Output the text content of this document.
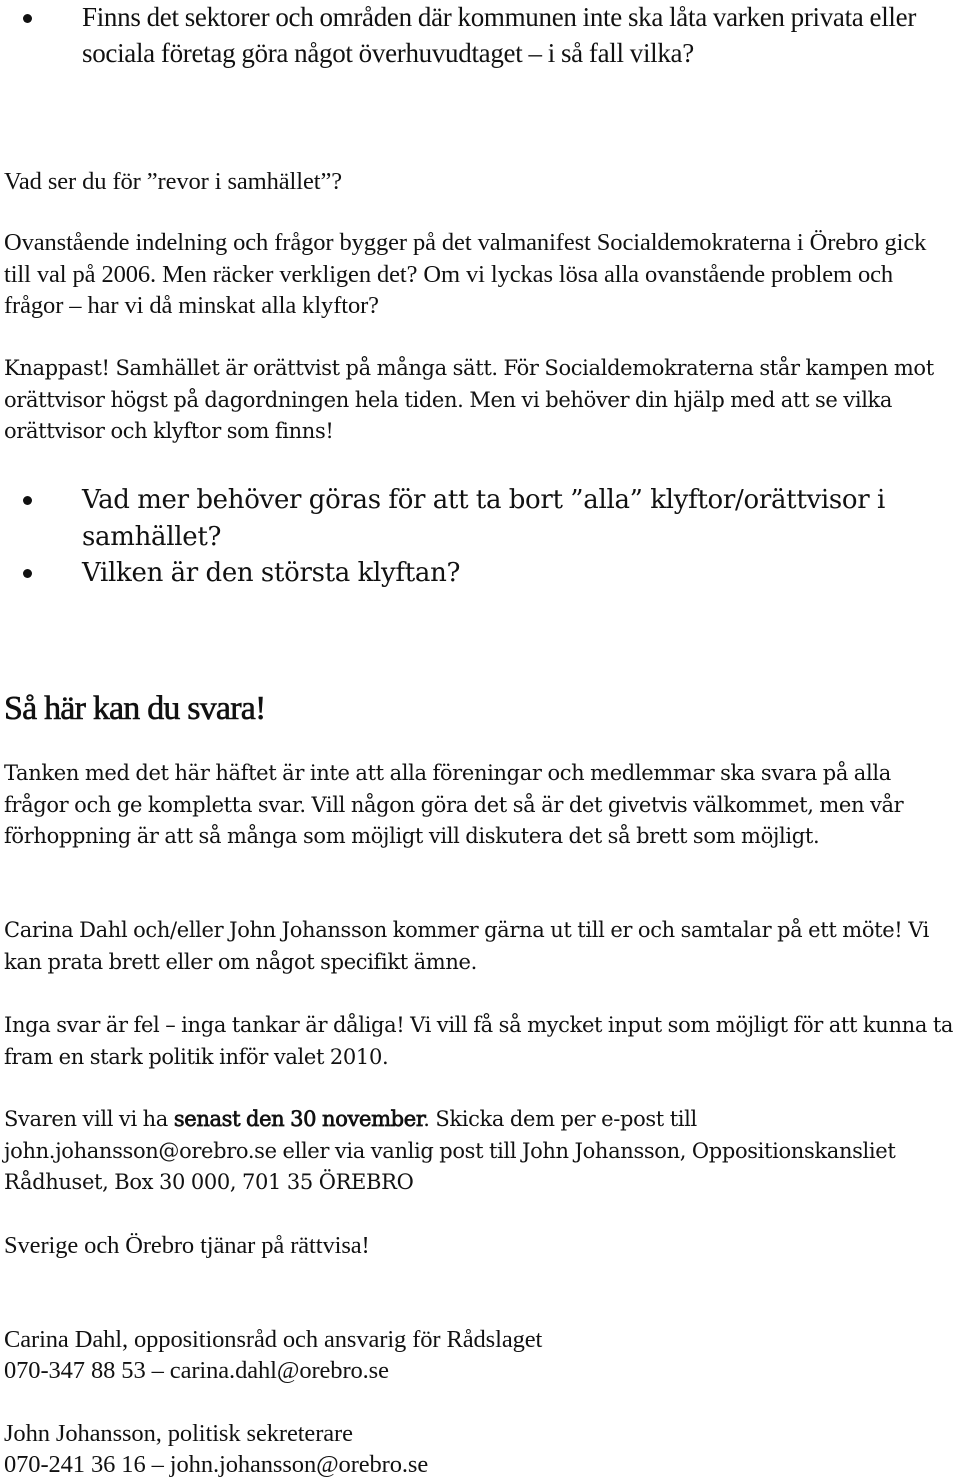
Finns det sektorer och områden där kommunen inte ska låta varken privata eller sociala företag göra något överhuvudtaget – i så fall vilka?

Vad ser du för ”revor i samhället”?

Ovanstående indelning och frågor bygger på det valmanifest Socialdemokraterna i Örebro gick till val på 2006. Men räcker verkligen det? Om vi lyckas lösa alla ovanstående problem och frågor – har vi då minskat alla klyftor?

Knappast! Samhället är orättvist på många sätt. För Socialdemokraterna står kampen mot orättvisor högst på dagordningen hela tiden. Men vi behöver din hjälp med att se vilka orättvisor och klyftor som finns!

Vad mer behöver göras för att ta bort ”alla” klyftor/orättvisor i samhället?
Vilken är den största klyftan?
Så här kan du svara!

Tanken med det här häftet är inte att alla föreningar och medlemmar ska svara på alla frågor och ge kompletta svar. Vill någon göra det så är det givetvis välkommet, men vår förhoppning är att så många som möjligt vill diskutera det så brett som möjligt.

Carina Dahl och/eller John Johansson kommer gärna ut till er och samtalar på ett möte! Vi kan prata brett eller om något specifikt ämne.

Inga svar är fel – inga tankar är dåliga! Vi vill få så mycket input som möjligt för att kunna ta fram en stark politik inför valet 2010.

Svaren vill vi ha senast den 30 november. Skicka dem per e-post till john.johansson@orebro.se eller via vanlig post till John Johansson, Oppositionskansliet Rådhuset, Box 30 000, 701 35 ÖREBRO

Sverige och Örebro tjänar på rättvisa!

Carina Dahl, oppositionsråd och ansvarig för Rådslaget
070-347 88 53 – carina.dahl@orebro.se
John Johansson, politisk sekreterare
070-241 36 16 – john.johansson@orebro.se
